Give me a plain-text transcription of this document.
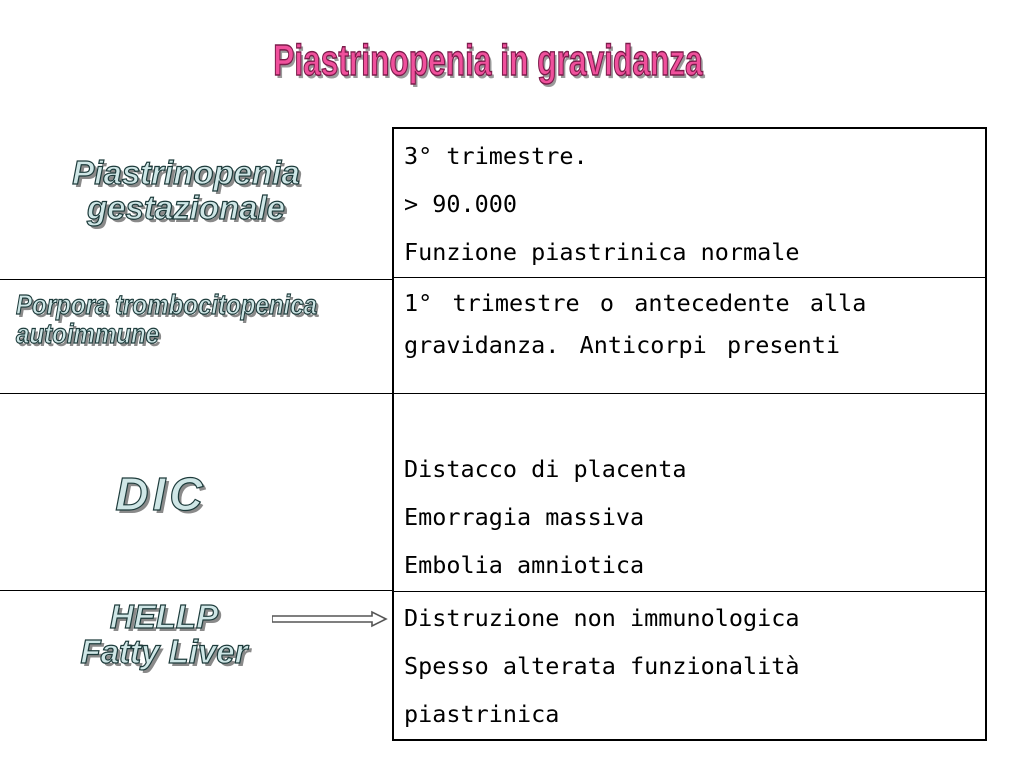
Piastrinopenia in gravidanza
Piastrinopenia
gestazionale
Porpora trombocitopenica
autoimmune
DIC
HELLP
Fatty Liver
3° trimestre.
> 90.000
Funzione piastrinica normale
1° trimestre o antecedente alla
gravidanza. Anticorpi presenti
Distacco di placenta
Emorragia massiva
Embolia amniotica
Distruzione non immunologica
Spesso alterata funzionalità
piastrinica
